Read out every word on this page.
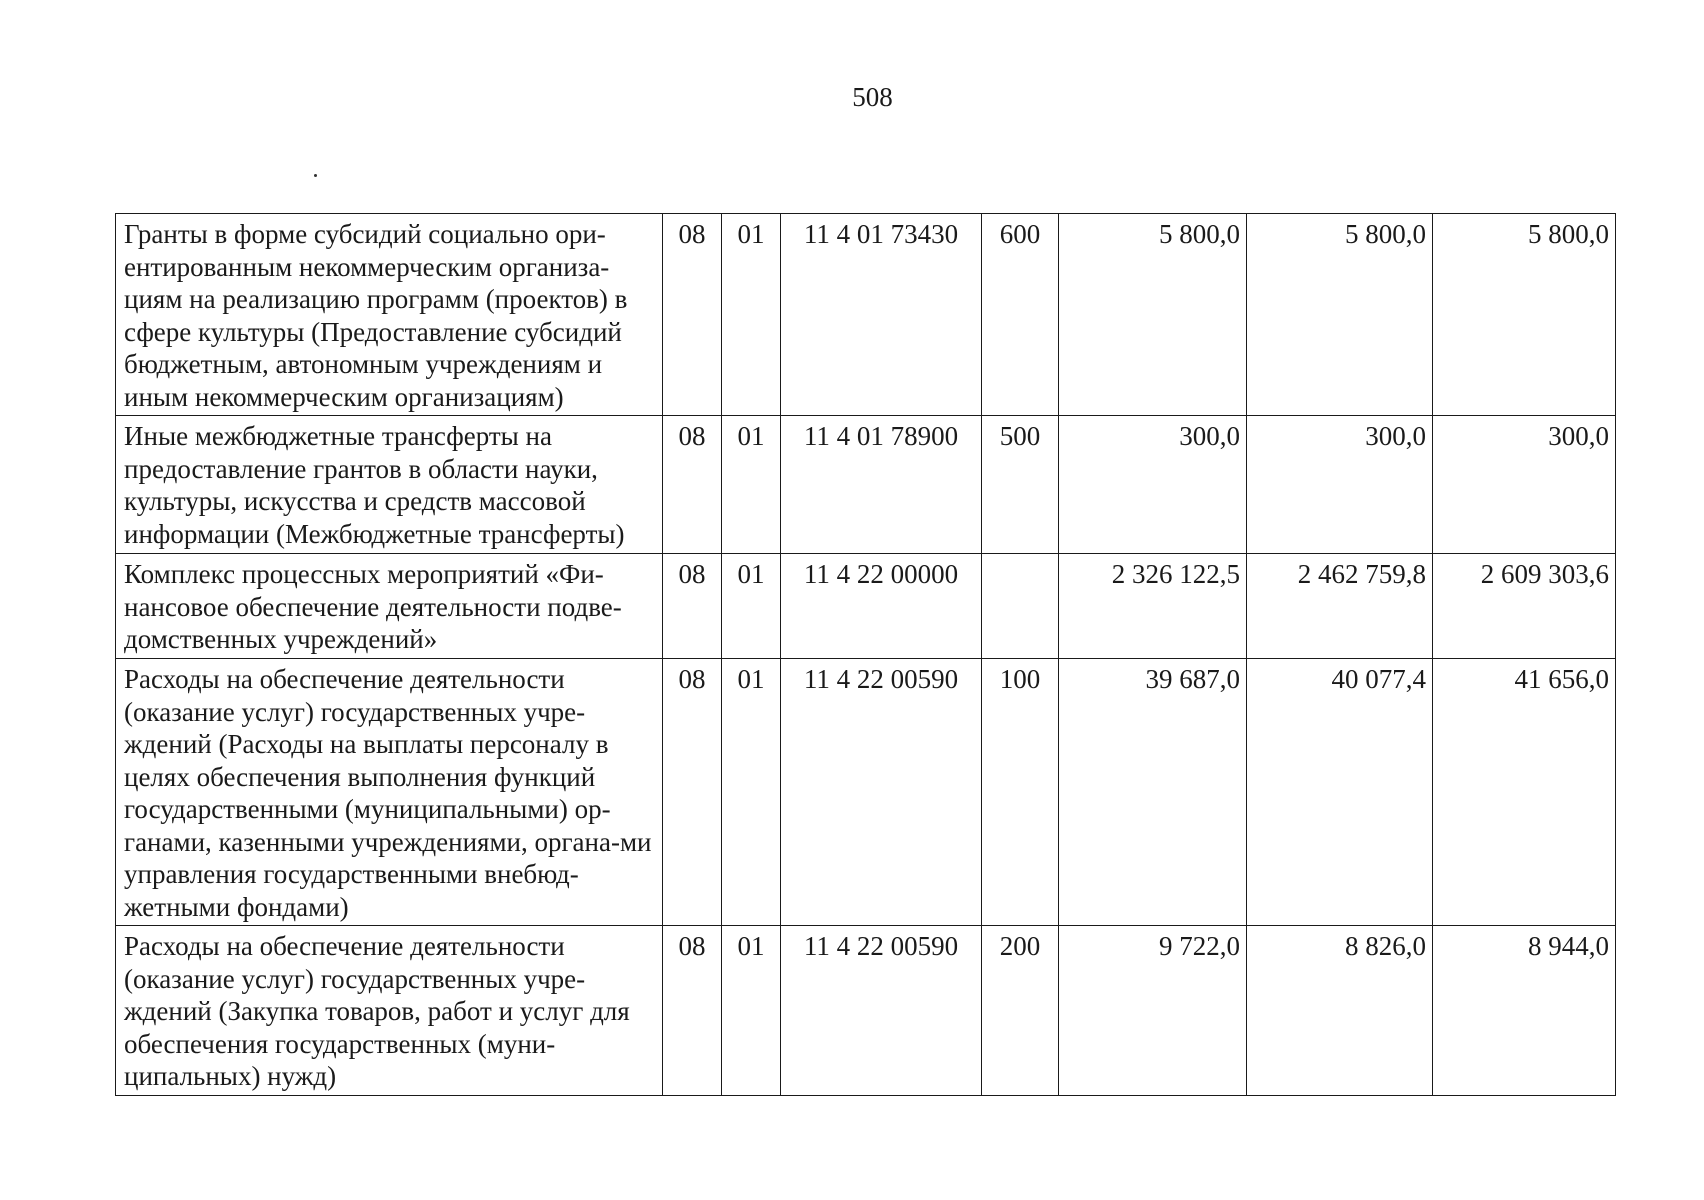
508
Гранты в форме субсидий социально ори-ентированным некоммерческим организа-циям на реализацию программ (проектов) в сфере культуры (Предоставление субсидий бюджетным, автономным учреждениям и иным некоммерческим организациям)	08	01	11 4 01 73430	600	5 800,0	5 800,0	5 800,0
Иные межбюджетные трансферты на предоставление грантов в области науки, культуры, искусства и средств массовой информации (Межбюджетные трансферты)	08	01	11 4 01 78900	500	300,0	300,0	300,0
Комплекс процессных мероприятий «Фи-нансовое обеспечение деятельности подве-домственных учреждений»	08	01	11 4 22 00000		2 326 122,5	2 462 759,8	2 609 303,6
Расходы на обеспечение деятельности (оказание услуг) государственных учре-ждений (Расходы на выплаты персоналу в целях обеспечения выполнения функций государственными (муниципальными) ор-ганами, казенными учреждениями, органа-ми управления государственными внебюд-жетными фондами)	08	01	11 4 22 00590	100	39 687,0	40 077,4	41 656,0
Расходы на обеспечение деятельности (оказание услуг) государственных учре-ждений (Закупка товаров, работ и услуг для обеспечения государственных (муни-ципальных) нужд)	08	01	11 4 22 00590	200	9 722,0	8 826,0	8 944,0
